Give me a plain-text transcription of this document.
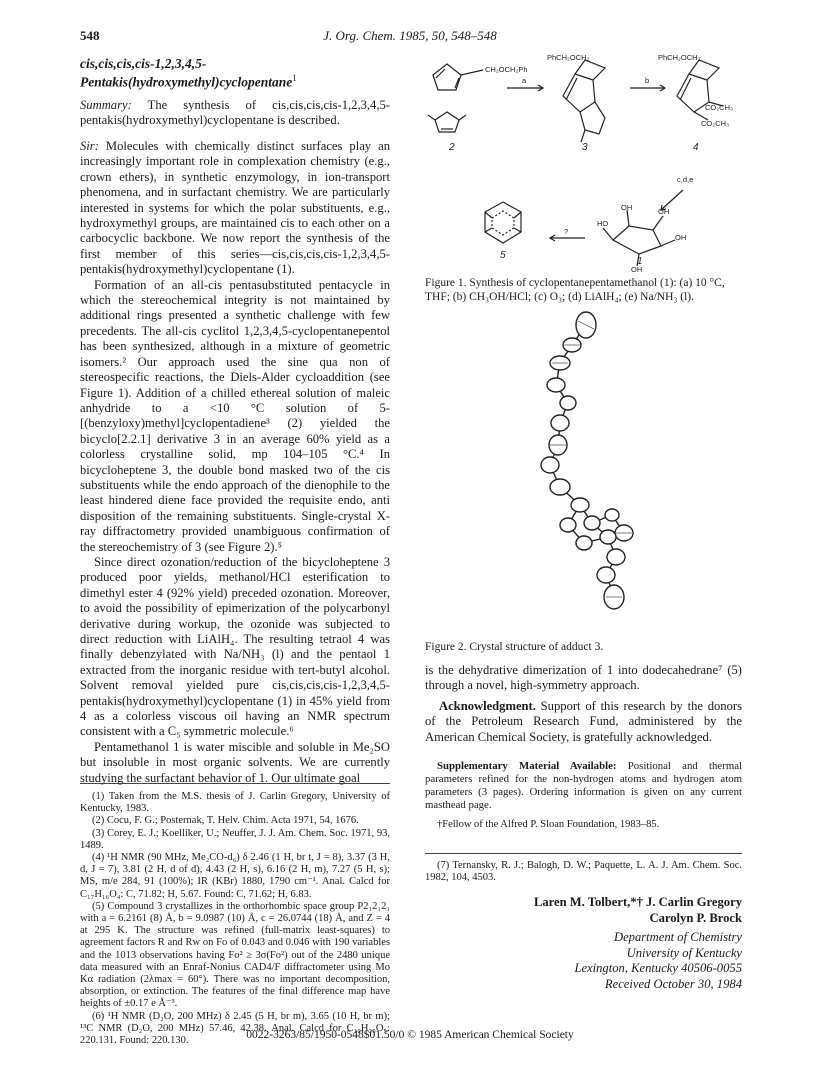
548	J. Org. Chem. 1985, 50, 548–548
cis,cis,cis,cis-1,2,3,4,5-Pentakis(hydroxymethyl)cyclopentane$^1$

Summary: The synthesis of cis,cis,cis,cis-1,2,3,4,5-pentakis(hydroxymethyl)cyclopentane is described.

Sir: Molecules with chemically distinct surfaces play an increasingly important role in complexation chemistry (e.g., crown ethers), in synthetic enzymology, in ion-transport phenomena, and in surfactant chemistry. We are particularly interested in systems for which the polar substituents, e.g., hydroxymethyl groups, are maintained cis to each other on a carbocyclic backbone. We now report the synthesis of the first member of this series—cis,cis,cis,cis-1,2,3,4,5-pentakis(hydroxymethyl)cyclopentane (1).

Formation of an all-cis pentasubstituted pentacycle in which the stereochemical integrity is not maintained by additional rings presented a synthetic challenge with few precedents. The all-cis cyclitol 1,2,3,4,5-cyclopentanepentol has been synthesized, although in a mixture of geometric isomers.² Our approach used the sine qua non of stereospecific reactions, the Diels-Alder cycloaddition (see Figure 1). Addition of a chilled ethereal solution of maleic anhydride to a <10 °C solution of 5-[(benzyloxy)methyl]cyclopentadiene³ (2) yielded the bicyclo[2.2.1] derivative 3 in an average 60% yield as a colorless crystalline solid, mp 104–105 °C.⁴ In bicycloheptene 3, the double bond masked two of the cis substituents while the endo approach of the dienophile to the least hindered diene face provided the requisite endo, anti disposition of the remaining substituents. Single-crystal X-ray diffractometry provided unambiguous confirmation of the stereochemistry of 3 (see Figure 2).⁵

Since direct ozonation/reduction of the bicycloheptene 3 produced poor yields, methanol/HCl esterification to dimethyl ester 4 (92% yield) preceded ozonation. Moreover, to avoid the possibility of epimerization of the polycarbonyl derivative during workup, the ozonide was subjected to direct reduction with LiAlH₄. The resulting tetraol 4 was finally debenzylated with Na/NH₃ (l) and the pentaol 1 extracted from the inorganic residue with tert-butyl alcohol. Solvent removal yielded pure cis,cis,cis,cis-1,2,3,4,5-pentakis(hydroxymethyl)cyclopentane (1) in 45% yield from 4 as a colorless viscous oil having an NMR spectrum consistent with a C₅ symmetric molecule.⁶

Pentamethanol 1 is water miscible and soluble in Me₂SO but insoluble in most organic solvents. We are currently studying the surfactant behavior of 1. Our ultimate goal

(1) Taken from the M.S. thesis of J. Carlin Gregory, University of Kentucky, 1983.

(2) Cocu, F. G.; Posternak, T. Helv. Chim. Acta 1971, 54, 1676.

(3) Corey, E. J.; Koelliker, U.; Neuffer, J. J. Am. Chem. Soc. 1971, 93, 1489.

(4) ¹H NMR (90 MHz, Me₂CO-d₆) δ 2.46 (1 H, br t, J = 8), 3.37 (3 H, d, J = 7), 3.81 (2 H, d of d), 4.43 (2 H, s), 6.16 (2 H, m), 7.27 (5 H, s); MS, m/e 284, 91 (100%); IR (KBr) 1880, 1790 cm⁻¹. Anal. Calcd for C₁₇H₁₆O₄: C, 71.82; H, 5.67. Found: C, 71.62; H, 6.83.

(5) Compound 3 crystallizes in the orthorhombic space group P2₁2₁2₁ with a = 6.2161 (8) Å, b = 9.0987 (10) Å, c = 26.0744 (18) Å, and Z = 4 at 295 K. The structure was refined (full-matrix least-squares) to agreement factors R and Rw on Fo of 0.043 and 0.046 with 190 variables and the 1013 observations having Fo² ≥ 3σ(Fo²) out of the 2480 unique data measured with an Enraf-Nonius CAD4/F diffractometer using Mo Kα radiation (2λmax = 60°). There was no important decomposition, absorption, or extinction. The features of the final difference map have heights of ±0.17 e Å⁻³.

(6) ¹H NMR (D₂O, 200 MHz) δ 2.45 (5 H, br m), 3.65 (10 H, br m); ¹³C NMR (D₂O, 200 MHz) 57.46, 42.38. Anal. Calcd for C₁₀H₂₀O₅: 220.131. Found: 220.130.

CH₂OCH₂Ph
PhCH₂OCH₂	PhCH₂OCH₂
CO₂CH₃
CO₂CH₃
a	b
c,d,e
?
HO
OH	OH
OH
OH
2	3	4
5
1
Figure 1. Synthesis of cyclopentanepentamethanol (1): (a) 10 °C, THF; (b) CH₃OH/HCl; (c) O₃; (d) LiAlH₄; (e) Na/NH₃ (l).
Figure 2. Crystal structure of adduct 3.
is the dehydrative dimerization of 1 into dodecahedrane⁷ (5) through a novel, high-symmetry approach.

Acknowledgment. Support of this research by the donors of the Petroleum Research Fund, administered by the American Chemical Society, is gratefully acknowledged.

Supplementary Material Available: Positional and thermal parameters refined for the non-hydrogen atoms and hydrogen atom parameters (3 pages). Ordering information is given on any current masthead page.

†Fellow of the Alfred P. Sloan Foundation, 1983–85.

(7) Ternansky, R. J.; Balogh, D. W.; Paquette, L. A. J. Am. Chem. Soc. 1982, 104, 4503.

Laren M. Tolbert,*† J. Carlin Gregory
Carolyn P. Brock
Department of Chemistry
University of Kentucky
Lexington, Kentucky 40506-0055
Received October 30, 1984
0022-3263/85/1950-0548$01.50/0 © 1985 American Chemical Society
